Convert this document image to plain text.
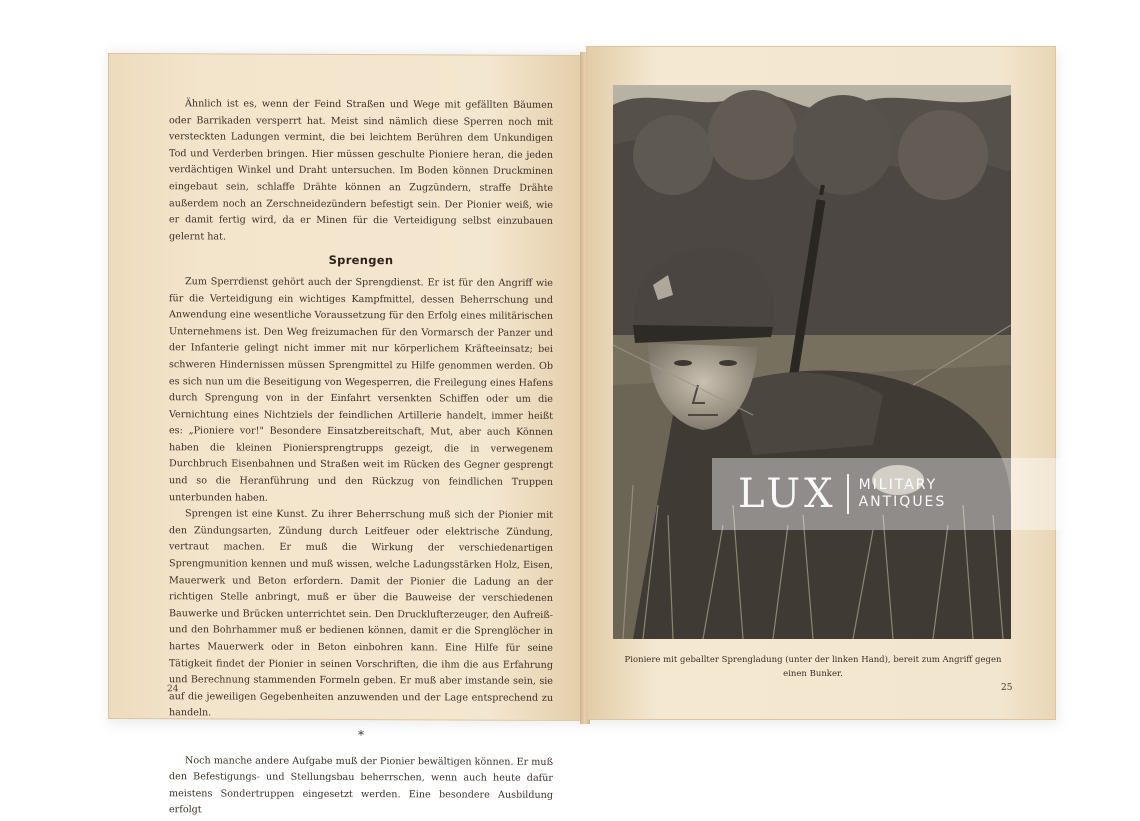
Ähnlich ist es, wenn der Feind Straßen und Wege mit gefällten Bäumen oder Barrikaden versperrt hat. Meist sind nämlich diese Sperren noch mit versteckten Ladungen vermint, die bei leichtem Berühren dem Unkundigen Tod und Verderben bringen. Hier müssen geschulte Pioniere heran, die jeden verdächtigen Winkel und Draht untersuchen. Im Boden können Druckminen eingebaut sein, schlaffe Drähte können an Zugzündern, straffe Drähte außerdem noch an Zerschneidezündern befestigt sein. Der Pionier weiß, wie er damit fertig wird, da er Minen für die Verteidigung selbst einzubauen gelernt hat.

Sprengen

Zum Sperrdienst gehört auch der Sprengdienst. Er ist für den Angriff wie für die Verteidigung ein wichtiges Kampfmittel, dessen Beherrschung und Anwendung eine wesentliche Voraussetzung für den Erfolg eines militärischen Unternehmens ist. Den Weg freizumachen für den Vormarsch der Panzer und der Infanterie gelingt nicht immer mit nur körperlichem Kräfteeinsatz; bei schweren Hindernissen müssen Sprengmittel zu Hilfe genommen werden. Ob es sich nun um die Beseitigung von Wegesperren, die Freilegung eines Hafens durch Sprengung von in der Einfahrt versenkten Schiffen oder um die Vernichtung eines Nichtziels der feindlichen Artillerie handelt, immer heißt es: „Pioniere vor!" Besondere Einsatzbereitschaft, Mut, aber auch Können haben die kleinen Pioniersprengtrupps gezeigt, die in verwegenem Durchbruch Eisenbahnen und Straßen weit im Rücken des Gegner gesprengt und so die Heranführung und den Rückzug von feindlichen Truppen unterbunden haben.

Sprengen ist eine Kunst. Zu ihrer Beherrschung muß sich der Pionier mit den Zündungsarten, Zündung durch Leitfeuer oder elektrische Zündung, vertraut machen. Er muß die Wirkung der verschiedenartigen Sprengmunition kennen und muß wissen, welche Ladungsstärken Holz, Eisen, Mauerwerk und Beton erfordern. Damit der Pionier die Ladung an der richtigen Stelle anbringt, muß er über die Bauweise der verschiedenen Bauwerke und Brücken unterrichtet sein. Den Drucklufterzeuger, den Aufreiß- und den Bohrhammer muß er bedienen können, damit er die Sprenglöcher in hartes Mauerwerk oder in Beton einbohren kann. Eine Hilfe für seine Tätigkeit findet der Pionier in seinen Vorschriften, die ihm die aus Erfahrung und Berechnung stammenden Formeln geben. Er muß aber imstande sein, sie auf die jeweiligen Gegebenheiten anzuwenden und der Lage entsprechend zu handeln.

*

Noch manche andere Aufgabe muß der Pionier bewältigen können. Er muß den Befestigungs- und Stellungsbau beherrschen, wenn auch heute dafür meistens Sondertruppen eingesetzt werden. Eine besondere Ausbildung erfolgt

24
Pioniere mit geballter Sprengladung (unter der linken Hand), bereit zum Angriff gegen einen Bunker.
25
LUX MILITARY
ANTIQUES
